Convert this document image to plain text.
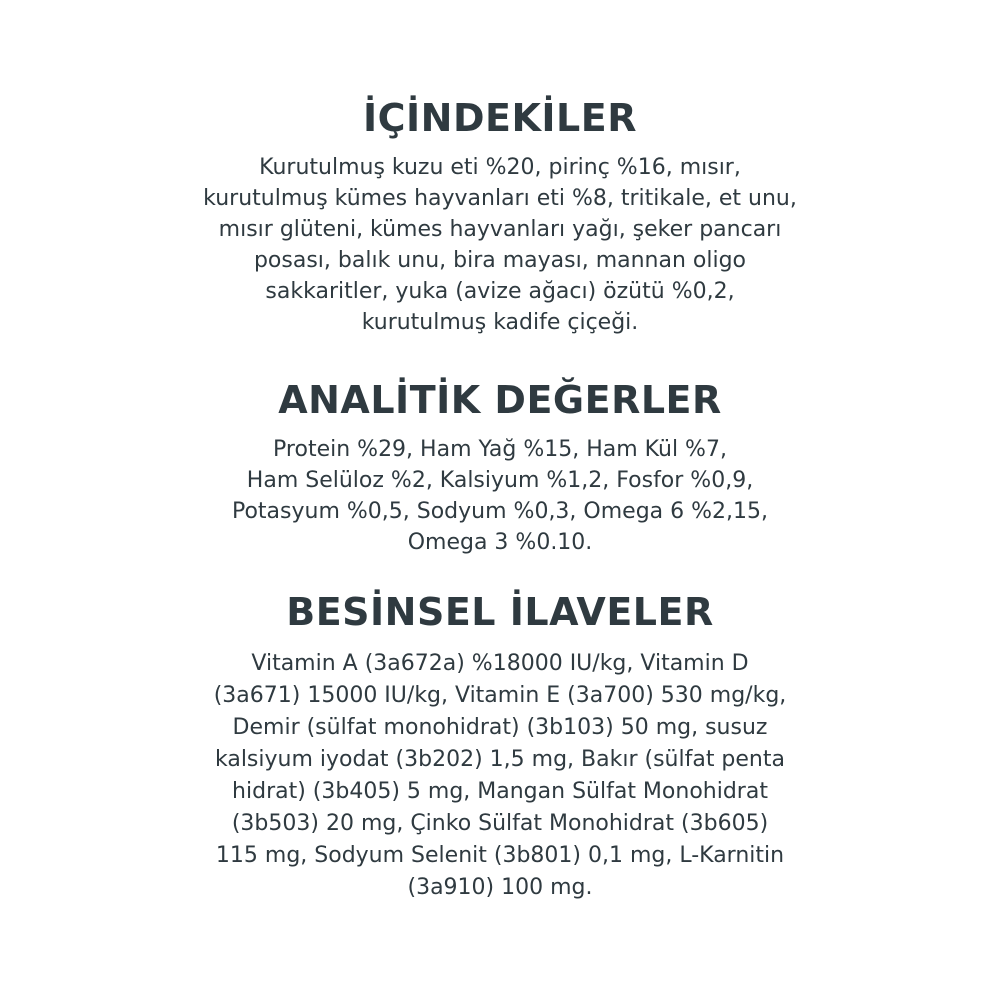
İÇİNDEKİLER
Kurutulmuş kuzu eti %20, pirinç %16, mısır,
kurutulmuş kümes hayvanları eti %8, tritikale, et unu,
mısır glüteni, kümes hayvanları yağı, şeker pancarı
posası, balık unu, bira mayası, mannan oligo
sakkaritler, yuka (avize ağacı) özütü %0,2,
kurutulmuş kadife çiçeği.
ANALİTİK DEĞERLER
Protein %29, Ham Yağ %15, Ham Kül %7,
Ham Selüloz %2, Kalsiyum %1,2, Fosfor %0,9,
Potasyum %0,5, Sodyum %0,3, Omega 6 %2,15,
Omega 3 %0.10.
BESİNSEL İLAVELER
Vitamin A (3a672a) %18000 IU/kg, Vitamin D
(3a671) 15000 IU/kg, Vitamin E (3a700) 530 mg/kg,
Demir (sülfat monohidrat) (3b103) 50 mg, susuz
kalsiyum iyodat (3b202) 1,5 mg, Bakır (sülfat penta
hidrat) (3b405) 5 mg, Mangan Sülfat Monohidrat
(3b503) 20 mg, Çinko Sülfat Monohidrat (3b605)
115 mg, Sodyum Selenit (3b801) 0,1 mg, L-Karnitin
(3a910) 100 mg.
